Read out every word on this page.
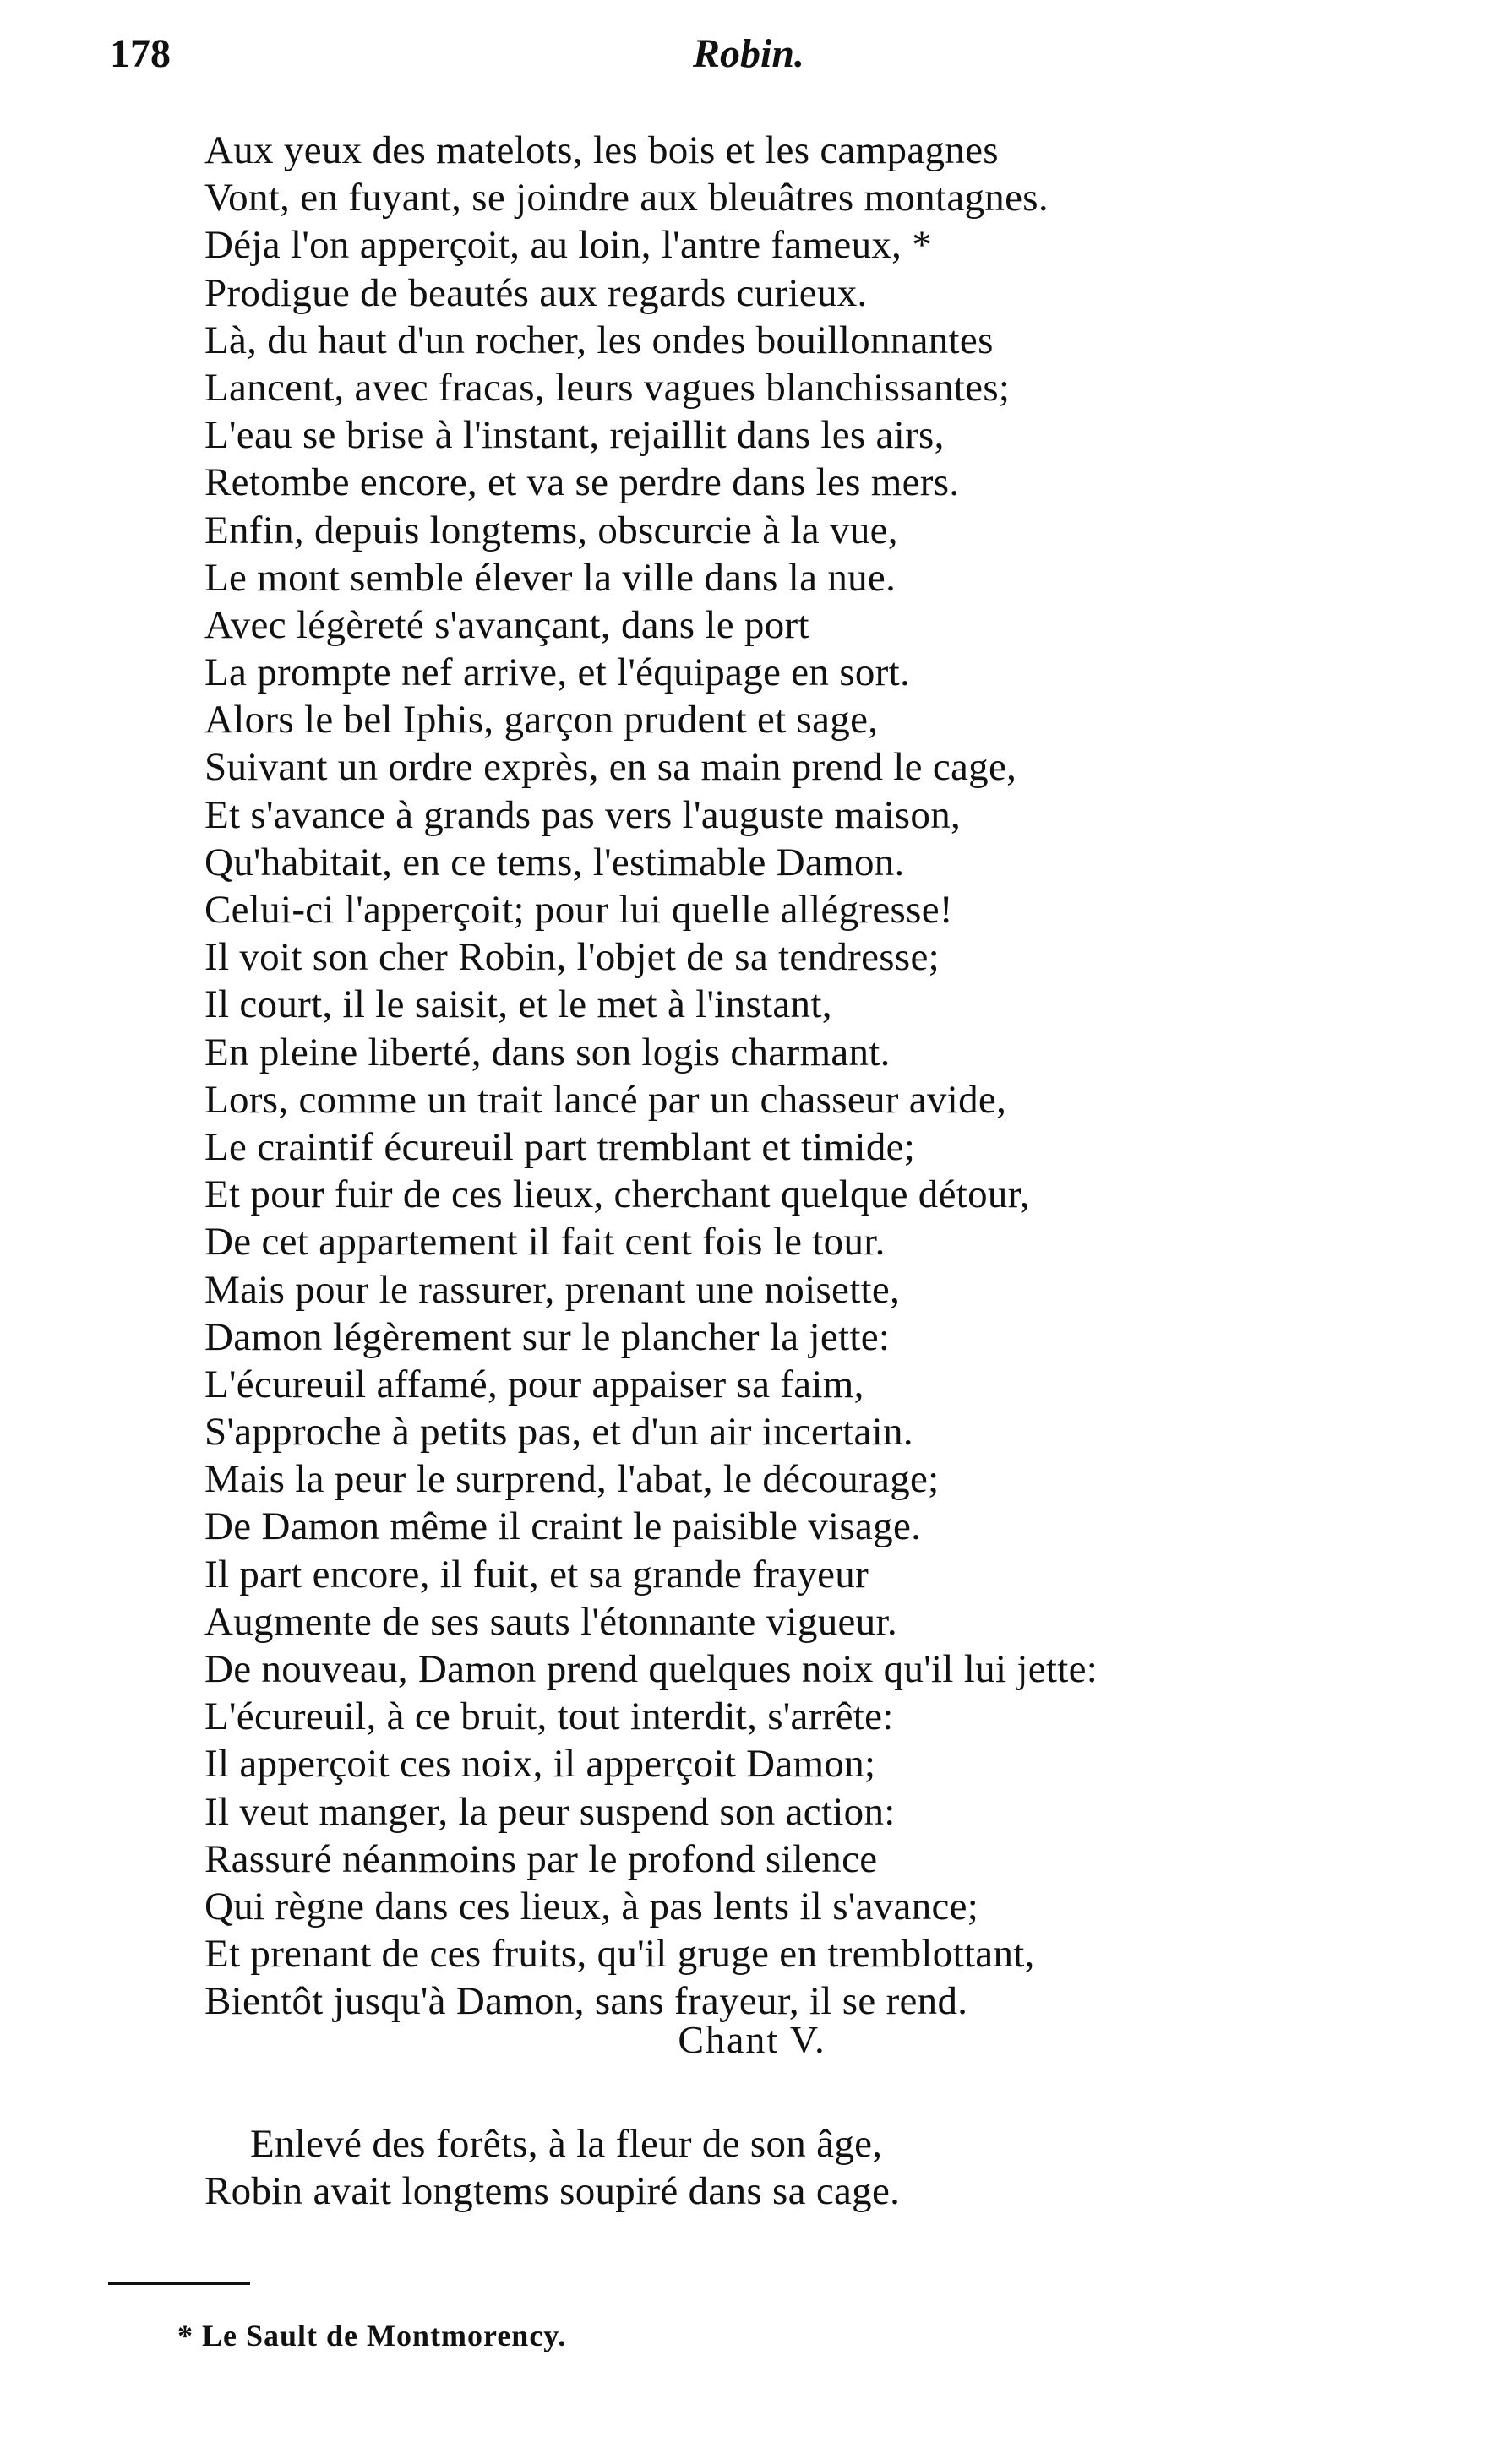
178	Robin.
Aux yeux des matelots, les bois et les campagnes
Vont, en fuyant, se joindre aux bleuâtres montagnes.
Déja l'on apperçoit, au loin, l'antre fameux, *
Prodigue de beautés aux regards curieux.
Là, du haut d'un rocher, les ondes bouillonnantes
Lancent, avec fracas, leurs vagues blanchissantes;
L'eau se brise à l'instant, rejaillit dans les airs,
Retombe encore, et va se perdre dans les mers.
Enfin, depuis longtems, obscurcie à la vue,
Le mont semble élever la ville dans la nue.
Avec légèreté s'avançant, dans le port
La prompte nef arrive, et l'équipage en sort.
Alors le bel Iphis, garçon prudent et sage,
Suivant un ordre exprès, en sa main prend le cage,
Et s'avance à grands pas vers l'auguste maison,
Qu'habitait, en ce tems, l'estimable Damon.
Celui-ci l'apperçoit; pour lui quelle allégresse!
Il voit son cher Robin, l'objet de sa tendresse;
Il court, il le saisit, et le met à l'instant,
En pleine liberté, dans son logis charmant.
Lors, comme un trait lancé par un chasseur avide,
Le craintif écureuil part tremblant et timide;
Et pour fuir de ces lieux, cherchant quelque détour,
De cet appartement il fait cent fois le tour.
Mais pour le rassurer, prenant une noisette,
Damon légèrement sur le plancher la jette:
L'écureuil affamé, pour appaiser sa faim,
S'approche à petits pas, et d'un air incertain.
Mais la peur le surprend, l'abat, le décourage;
De Damon même il craint le paisible visage.
Il part encore, il fuit, et sa grande frayeur
Augmente de ses sauts l'étonnante vigueur.
De nouveau, Damon prend quelques noix qu'il lui jette:
L'écureuil, à ce bruit, tout interdit, s'arrête:
Il apperçoit ces noix, il apperçoit Damon;
Il veut manger, la peur suspend son action:
Rassuré néanmoins par le profond silence
Qui règne dans ces lieux, à pas lents il s'avance;
Et prenant de ces fruits, qu'il gruge en tremblottant,
Bientôt jusqu'à Damon, sans frayeur, il se rend.
Chant V.
Enlevé des forêts, à la fleur de son âge,
Robin avait longtems soupiré dans sa cage.
* Le Sault de Montmorency.
